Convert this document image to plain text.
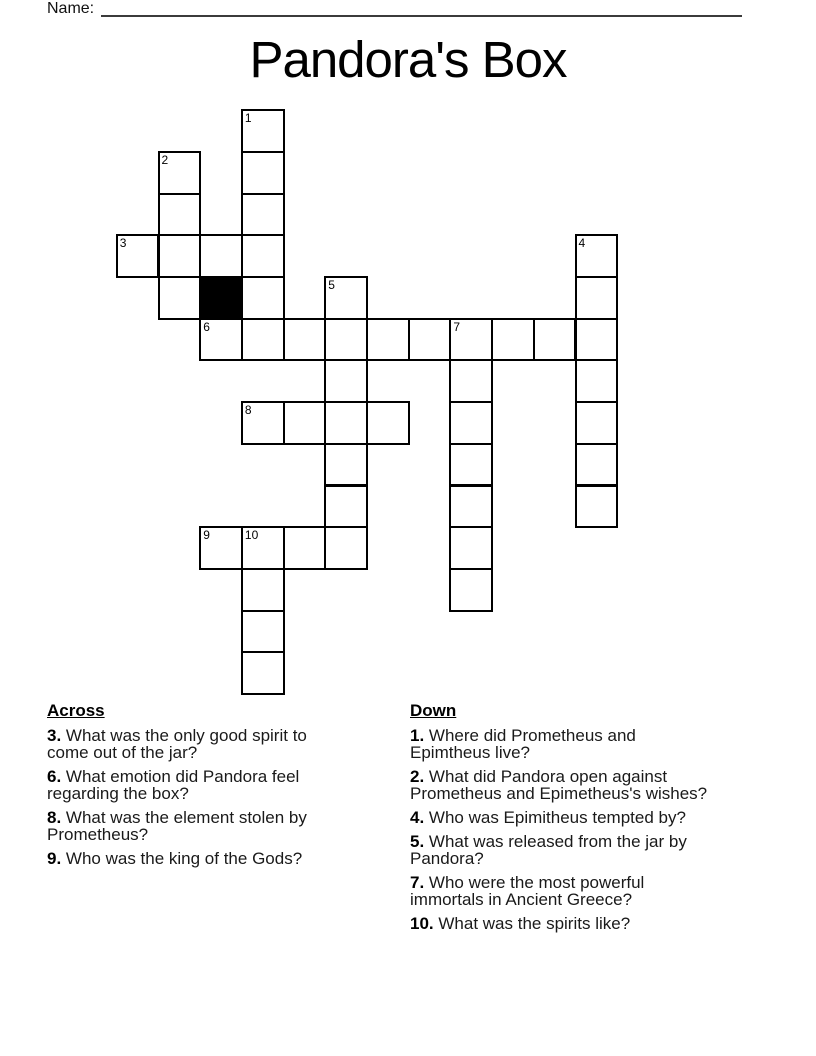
Name:
Pandora's Box
1
2
3	4
5
6	7
8
9	10
Across

3. What was the only good spirit to come out of the jar?

6. What emotion did Pandora feel regarding the box?

8. What was the element stolen by Prometheus?

9. Who was the king of the Gods?

Down

1. Where did Prometheus and Epimtheus live?

2. What did Pandora open against Prometheus and Epimetheus's wishes?

4. Who was Epimitheus tempted by?

5. What was released from the jar by Pandora?

7. Who were the most powerful immortals in Ancient Greece?

10. What was the spirits like?
